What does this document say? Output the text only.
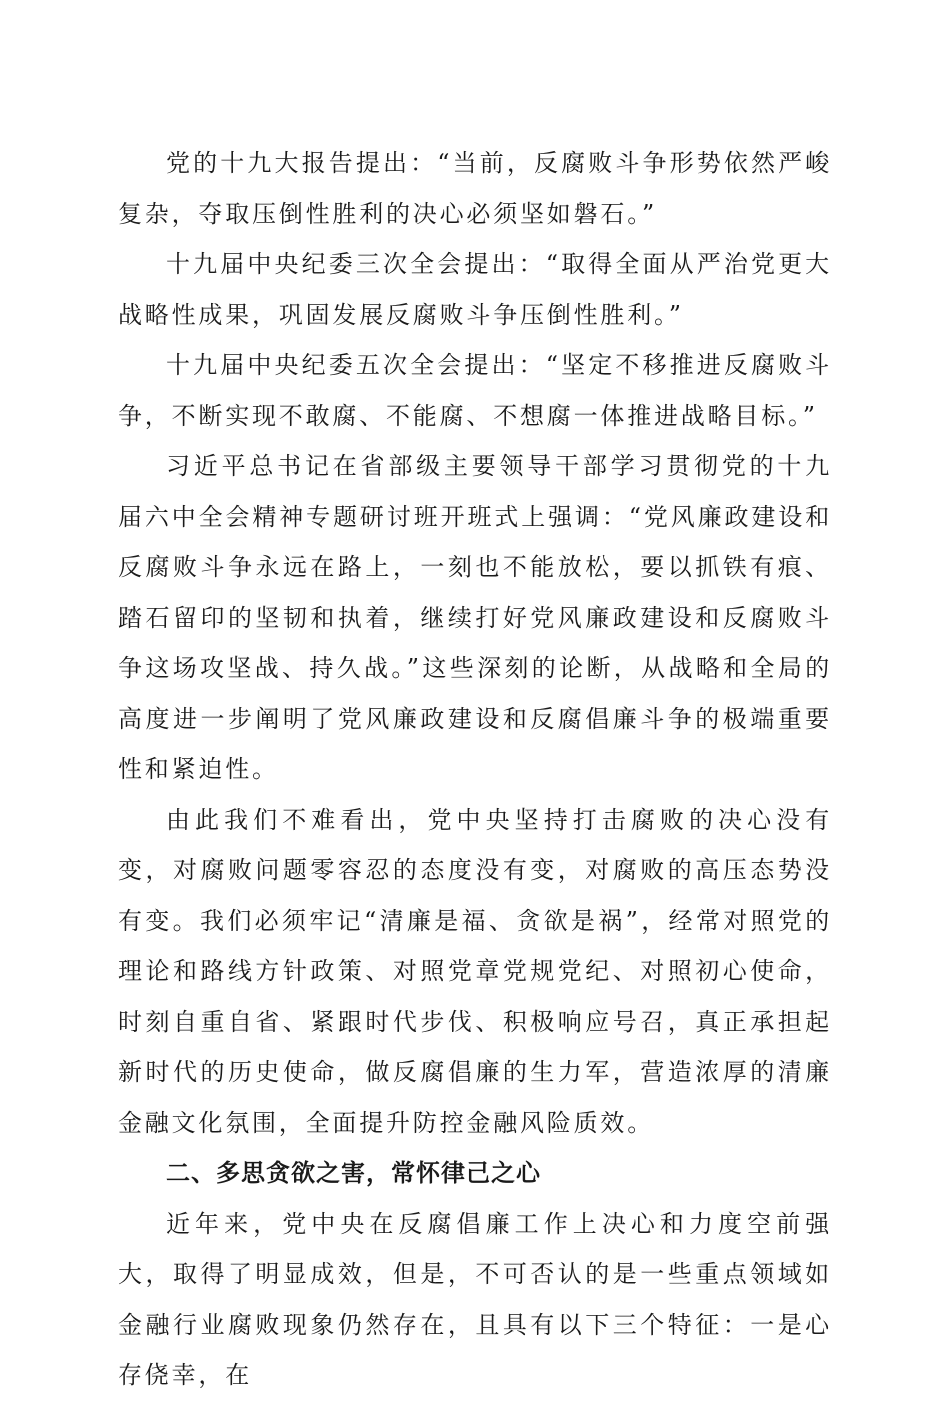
党的十九大报告提出：“当前，反腐败斗争形势依然严峻复杂，夺取压倒性胜利的决心必须坚如磐石。”

十九届中央纪委三次全会提出：“取得全面从严治党更大战略性成果，巩固发展反腐败斗争压倒性胜利。”

十九届中央纪委五次全会提出：“坚定不移推进反腐败斗争，不断实现不敢腐、不能腐、不想腐一体推进战略目标。”

习近平总书记在省部级主要领导干部学习贯彻党的十九届六中全会精神专题研讨班开班式上强调：“党风廉政建设和反腐败斗争永远在路上，一刻也不能放松，要以抓铁有痕、踏石留印的坚韧和执着，继续打好党风廉政建设和反腐败斗争这场攻坚战、持久战。”这些深刻的论断，从战略和全局的高度进一步阐明了党风廉政建设和反腐倡廉斗争的极端重要性和紧迫性。

由此我们不难看出，党中央坚持打击腐败的决心没有变，对腐败问题零容忍的态度没有变，对腐败的高压态势没有变。我们必须牢记“清廉是福、贪欲是祸”，经常对照党的理论和路线方针政策、对照党章党规党纪、对照初心使命，时刻自重自省、紧跟时代步伐、积极响应号召，真正承担起新时代的历史使命，做反腐倡廉的生力军，营造浓厚的清廉金融文化氛围，全面提升防控金融风险质效。

二、多思贪欲之害，常怀律己之心

近年来，党中央在反腐倡廉工作上决心和力度空前强大，取得了明显成效，但是，不可否认的是一些重点领域如金融行业腐败现象仍然存在，且具有以下三个特征：一是心存侥幸，在
